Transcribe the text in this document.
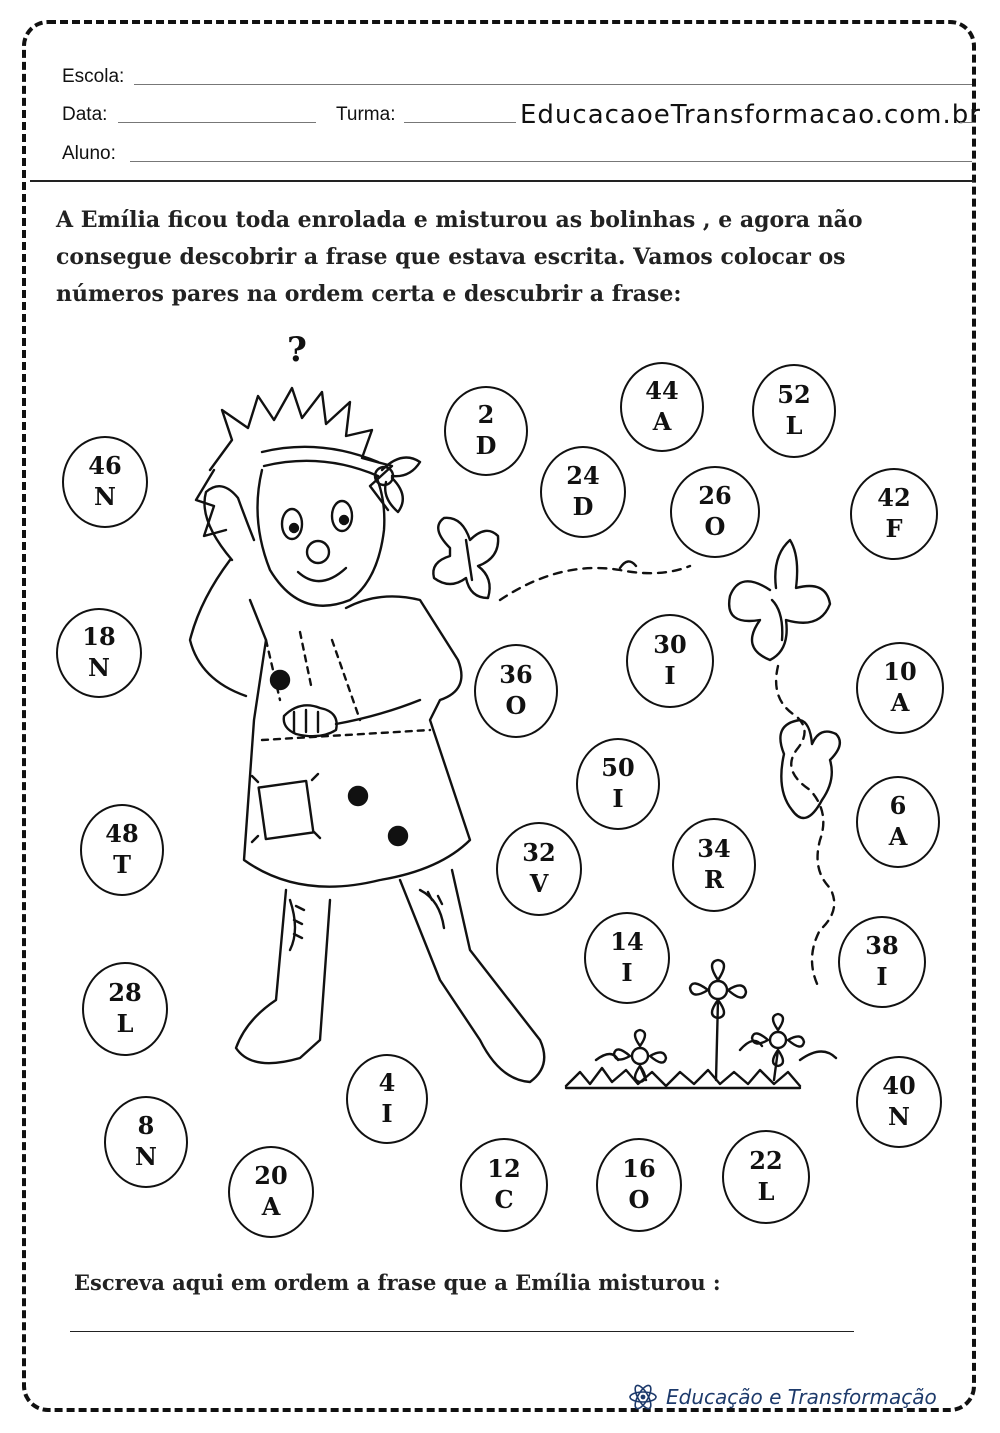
Escola:
Data:	Turma:	EducacaoeTransformacao.com.br
Aluno:
A Emília ficou toda enrolada e misturou as bolinhas , e agora não consegue descobrir a frase que estava escrita. Vamos colocar os números pares na ordem certa e descubrir a frase:
?
46
N
2
D
44
A
52
L
24
D	26
O
42
F
18
N	36
O
30
I	10
A
50
I
48
T	32
V
34
R
6
A
14
I
38
I
28
L
4
I
40
N
8
N
20
A
12
C
16
O
22
L
Escreva aqui em ordem a frase que a Emília misturou :
Educação e Transformação
